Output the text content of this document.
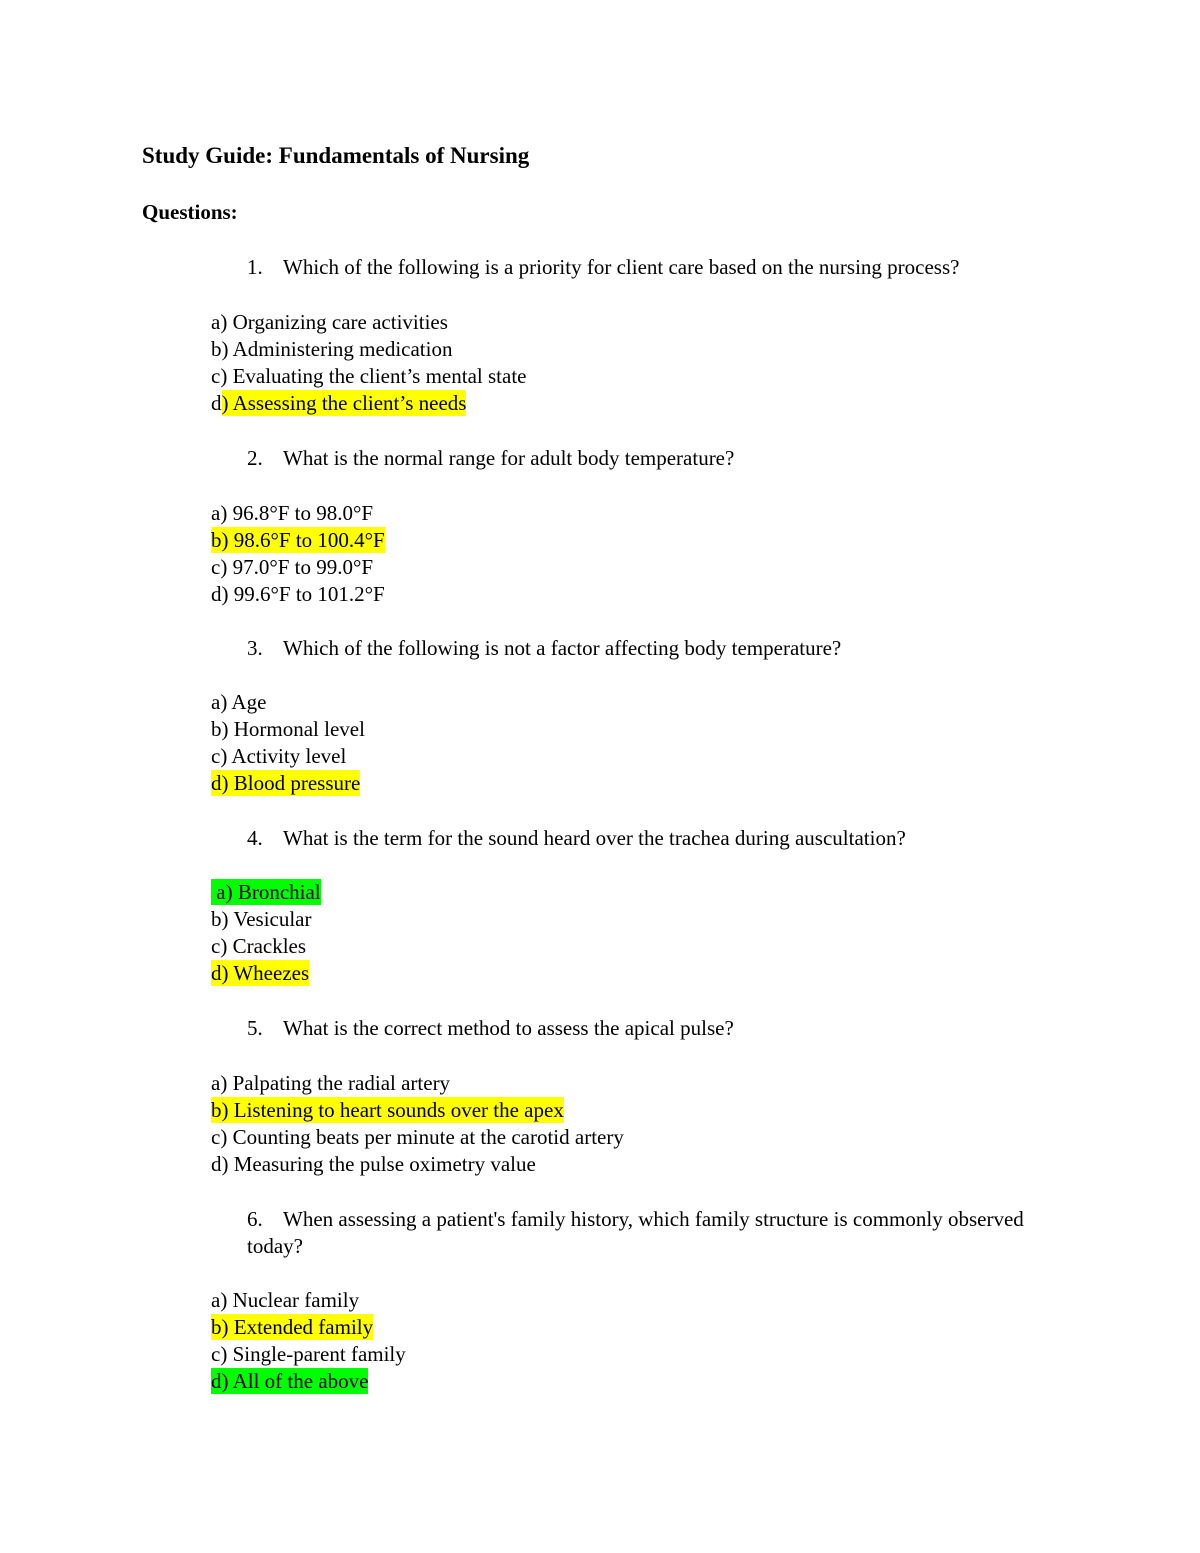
Study Guide: Fundamentals of Nursing
Questions:
1. Which of the following is a priority for client care based on the nursing process?
a) Organizing care activities
b) Administering medication
c) Evaluating the client’s mental state
d) Assessing the client’s needs
2. What is the normal range for adult body temperature?
a) 96.8°F to 98.0°F
b) 98.6°F to 100.4°F
c) 97.0°F to 99.0°F
d) 99.6°F to 101.2°F
3. Which of the following is not a factor affecting body temperature?
a) Age
b) Hormonal level
c) Activity level
d) Blood pressure
4. What is the term for the sound heard over the trachea during auscultation?
a) Bronchial
b) Vesicular
c) Crackles
d) Wheezes
5. What is the correct method to assess the apical pulse?
a) Palpating the radial artery
b) Listening to heart sounds over the apex
c) Counting beats per minute at the carotid artery
d) Measuring the pulse oximetry value
6. When assessing a patient's family history, which family structure is commonly observed today?
a) Nuclear family
b) Extended family
c) Single-parent family
d) All of the above
